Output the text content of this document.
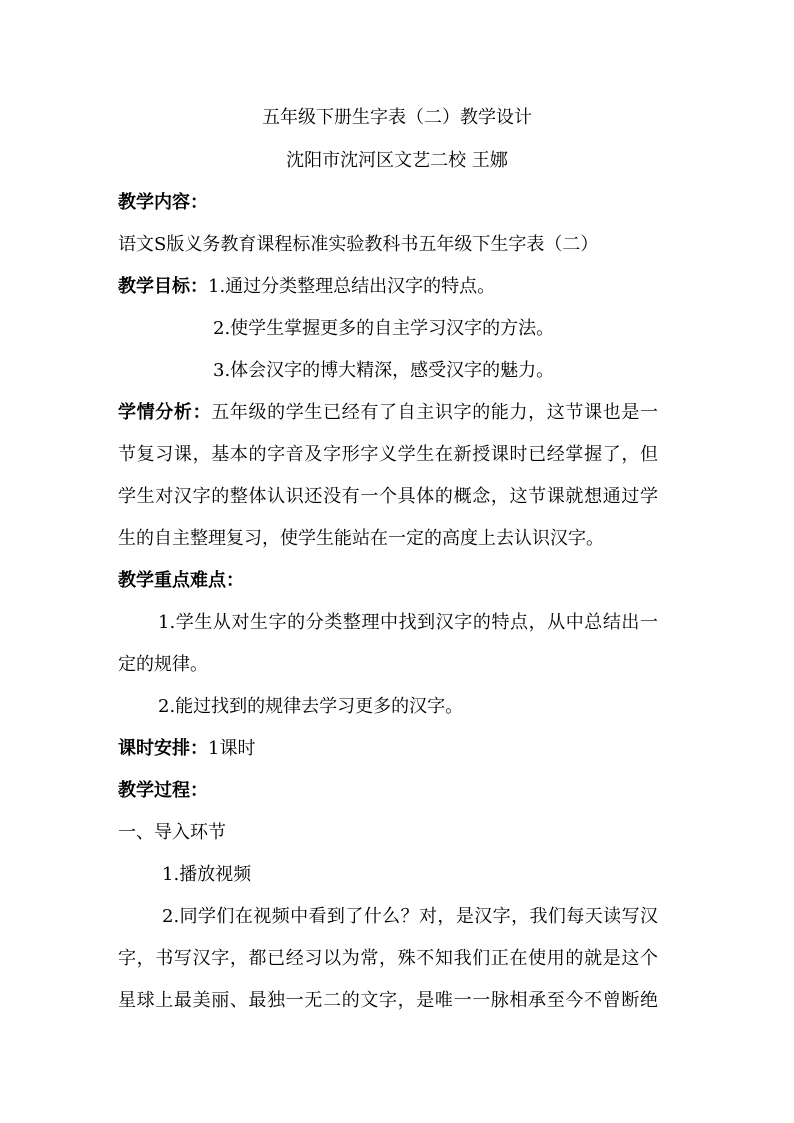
五年级下册生字表（二）教学设计
沈阳市沈河区文艺二校 王娜
教学内容：
语文S版义务教育课程标准实验教科书五年级下生字表（二）
教学目标：1.通过分类整理总结出汉字的特点。
2.使学生掌握更多的自主学习汉字的方法。
3.体会汉字的博大精深，感受汉字的魅力。
学情分析：五年级的学生已经有了自主识字的能力，这节课也是一
节复习课，基本的字音及字形字义学生在新授课时已经掌握了，但
学生对汉字的整体认识还没有一个具体的概念，这节课就想通过学
生的自主整理复习，使学生能站在一定的高度上去认识汉字。
教学重点难点：
1.学生从对生字的分类整理中找到汉字的特点，从中总结出一
定的规律。
2.能过找到的规律去学习更多的汉字。
课时安排：1课时
教学过程：
一、导入环节
1.播放视频
2.同学们在视频中看到了什么？对，是汉字，我们每天读写汉
字，书写汉字，都已经习以为常，殊不知我们正在使用的就是这个
星球上最美丽、最独一无二的文字，是唯一一脉相承至今不曾断绝
